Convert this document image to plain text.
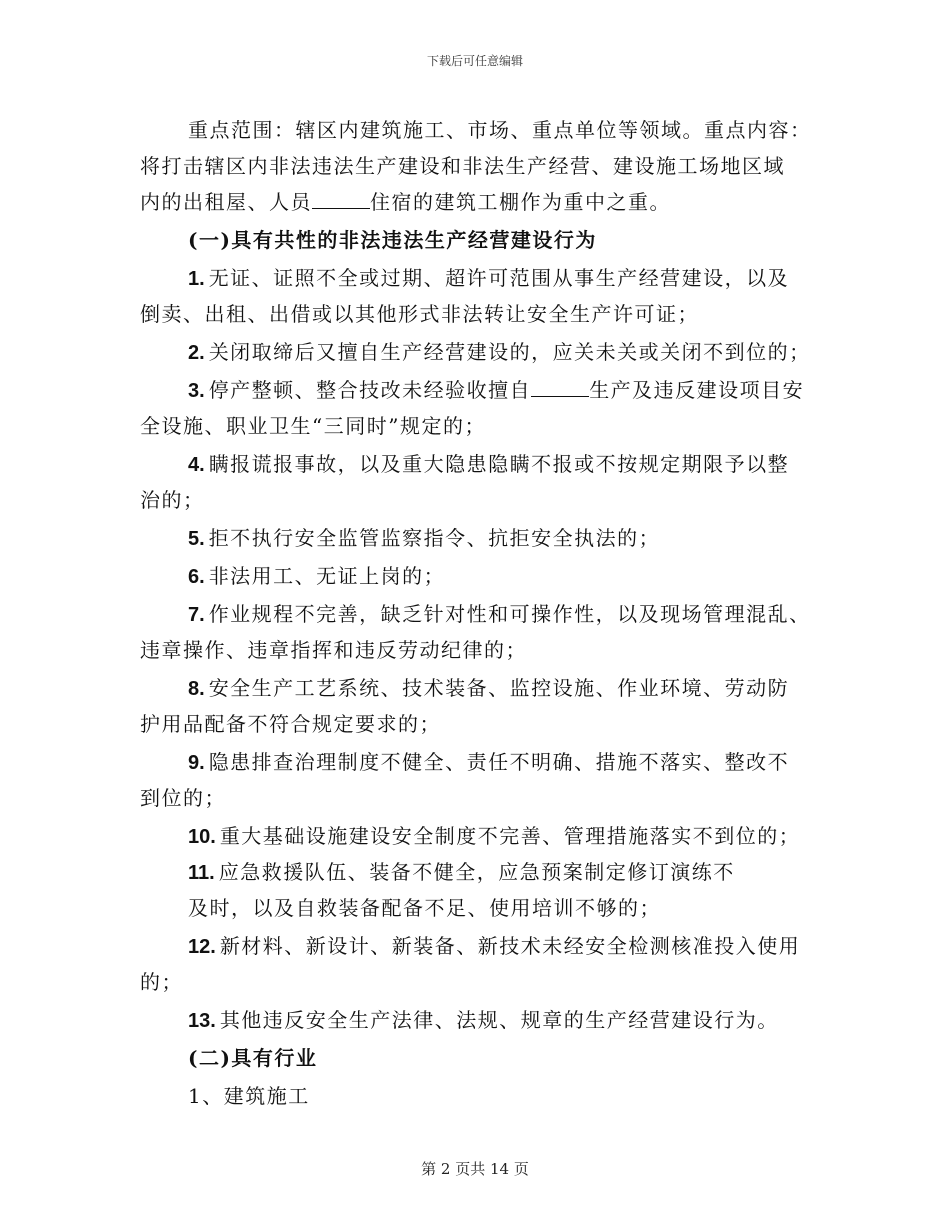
下载后可任意编辑
重点范围：辖区内建筑施工、市场、重点单位等领域。重点内容：
将打击辖区内非法违法生产建设和非法生产经营、建设施工场地区域
内的出租屋、人员	住宿的建筑工棚作为重中之重。
(一)具有共性的非法违法生产经营建设行为
1. 无证、证照不全或过期、超许可范围从事生产经营建设，以及
倒卖、出租、出借或以其他形式非法转让安全生产许可证；
2. 关闭取缔后又擅自生产经营建设的，应关未关或关闭不到位的；
3. 停产整顿、整合技改未经验收擅自	生产及违反建设项目安
全设施、职业卫生“三同时”规定的；
4. 瞒报谎报事故，以及重大隐患隐瞒不报或不按规定期限予以整
治的；
5. 拒不执行安全监管监察指令、抗拒安全执法的；
6. 非法用工、无证上岗的；
7. 作业规程不完善，缺乏针对性和可操作性，以及现场管理混乱、
违章操作、违章指挥和违反劳动纪律的；
8. 安全生产工艺系统、技术装备、监控设施、作业环境、劳动防
护用品配备不符合规定要求的；
9. 隐患排查治理制度不健全、责任不明确、措施不落实、整改不
到位的；
10. 重大基础设施建设安全制度不完善、管理措施落实不到位的；
11. 应急救援队伍、装备不健全，应急预案制定修订演练不
及时，以及自救装备配备不足、使用培训不够的；
12. 新材料、新设计、新装备、新技术未经安全检测核准投入使用
的；
13. 其他违反安全生产法律、法规、规章的生产经营建设行为。
(二)具有行业
1、建筑施工
第 2 页共 14 页
